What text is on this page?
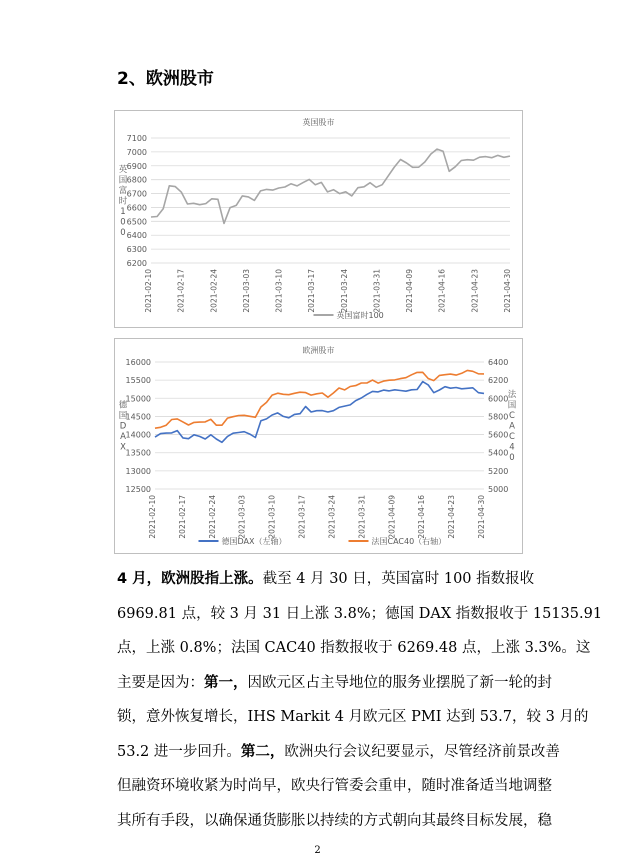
2、欧洲股市
英国股市
6200
6300
6400
6500
6600
6700
6800
6900
7000
7100
2021-02-10	2021-02-17	2021-02-24	2021-03-03	2021-03-10	2021-03-17	2021-03-24	2021-03-31	2021-04-09	2021-04-16	2021-04-23	2021-04-30
英国富时 1 0 0
英国富时100
欧洲股市
12500
13000
13500
14000
14500
15000
15500
16000
5000
5200
5400
5600
5800
6000
6200
6400
2021-02-10	2021-02-17	2021-02-24	2021-03-03	2021-03-10	2021-03-17	2021-03-24	2021-03-31	2021-04-09	2021-04-16	2021-04-23	2021-04-30
德国 D A X
法国 C A C 4 0
德国DAX（左轴）	法国CAC40（右轴）
4 月，欧洲股指上涨。截至 4 月 30 日，英国富时 100 指数报收
6969.81 点，较 3 月 31 日上涨 3.8%；德国 DAX 指数报收于 15135.91
点，上涨 0.8%；法国 CAC40 指数报收于 6269.48 点，上涨 3.3%。这
主要是因为：第一，因欧元区占主导地位的服务业摆脱了新一轮的封
锁，意外恢复增长，IHS Markit 4 月欧元区 PMI 达到 53.7，较 3 月的
53.2 进一步回升。第二，欧洲央行会议纪要显示，尽管经济前景改善
但融资环境收紧为时尚早，欧央行管委会重申，随时准备适当地调整
其所有手段，以确保通货膨胀以持续的方式朝向其最终目标发展，稳
2
